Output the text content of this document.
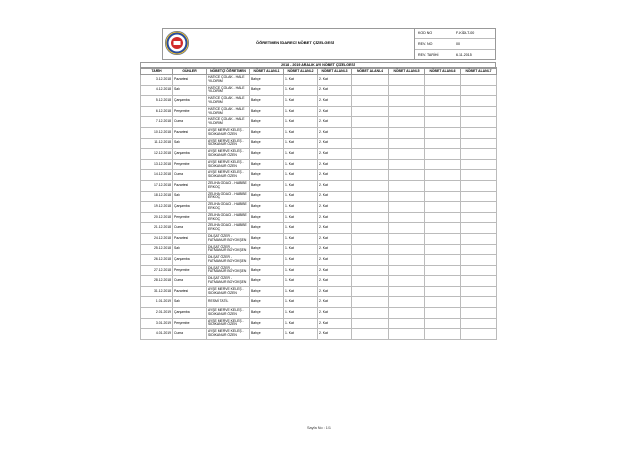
ÖĞRETMEN İDARECİ NÖBET ÇİZELGESİ
KOD NO	F-KİDLT-00
REV. NO	00
REV. TARİHİ	6.11.2015
2018 - 2019 ARALIK AYI NÖBET ÇİZELGESİ
TARİH	GÜNLER	NÖBETÇİ ÖĞRETMEN	NÖBET ALANI-1	NÖBET ALANI-2	NÖBET ALANI-3	NÖBET ALANI-4	NÖBET ALANI-5	NÖBET ALANI-6	NÖBET ALANI-7
3.12.2018	Pazartesi	HATİCE ÇOLAK - HALE YILDIRIM	Bahçe	1. Kat	2. Kat				
4.12.2018	Salı	HATİCE ÇOLAK - HALE YILDIRIM	Bahçe	1. Kat	2. Kat				
5.12.2018	Çarşamba	HATİCE ÇOLAK - HALE YILDIRIM	Bahçe	1. Kat	2. Kat				
6.12.2018	Perşembe	HATİCE ÇOLAK - HALE YILDIRIM	Bahçe	1. Kat	2. Kat				
7.12.2018	Cuma	HATİCE ÇOLAK - HALE YILDIRIM	Bahçe	1. Kat	2. Kat				
10.12.2018	Pazartesi	AYŞE MERVE KELEŞ - SIDIKANUR ÖZEN	Bahçe	1. Kat	2. Kat				
11.12.2018	Salı	AYŞE MERVE KELEŞ - SIDIKANUR ÖZEN	Bahçe	1. Kat	2. Kat				
12.12.2018	Çarşamba	AYŞE MERVE KELEŞ - SIDIKANUR ÖZEN	Bahçe	1. Kat	2. Kat				
13.12.2018	Perşembe	AYŞE MERVE KELEŞ - SIDIKANUR ÖZEN	Bahçe	1. Kat	2. Kat				
14.12.2018	Cuma	AYŞE MERVE KELEŞ - SIDIKANUR ÖZEN	Bahçe	1. Kat	2. Kat				
17.12.2018	Pazartesi	ZELİHA ODACI - HABİBE ERKOÇ	Bahçe	1. Kat	2. Kat				
18.12.2018	Salı	ZELİHA ODACI - HABİBE ERKOÇ	Bahçe	1. Kat	2. Kat				
19.12.2018	Çarşamba	ZELİHA ODACI - HABİBE ERKOÇ	Bahçe	1. Kat	2. Kat				
20.12.2018	Perşembe	ZELİHA ODACI - HABİBE ERKOÇ	Bahçe	1. Kat	2. Kat				
21.12.2018	Cuma	ZELİHA ODACI - HABİBE ERKOÇ	Bahçe	1. Kat	2. Kat				
24.12.2018	Pazartesi	DİLŞAT ÖZER - FATMANUR BOYOKŞEN	Bahçe	1. Kat	2. Kat				
25.12.2018	Salı	DİLŞAT ÖZER - FATMANUR BOYOKŞEN	Bahçe	1. Kat	2. Kat				
26.12.2018	Çarşamba	DİLŞAT ÖZER - FATMANUR BOYOKŞEN	Bahçe	1. Kat	2. Kat				
27.12.2018	Perşembe	DİLŞAT ÖZER - FATMANUR BOYOKŞEN	Bahçe	1. Kat	2. Kat				
28.12.2018	Cuma	DİLŞAT ÖZER - FATMANUR BOYOKŞEN	Bahçe	1. Kat	2. Kat				
31.12.2018	Pazartesi	AYŞE MERVE KELEŞ - SIDIKANUR ÖZEN	Bahçe	1. Kat	2. Kat				
1.01.2019	Salı	RESMİ TATİL	Bahçe	1. Kat	2. Kat				
2.01.2019	Çarşamba	AYŞE MERVE KELEŞ - SIDIKANUR ÖZEN	Bahçe	1. Kat	2. Kat				
3.01.2019	Perşembe	AYŞE MERVE KELEŞ - SIDIKANUR ÖZEN	Bahçe	1. Kat	2. Kat				
4.01.2019	Cuma	AYŞE MERVE KELEŞ - SIDIKANUR ÖZEN	Bahçe	1. Kat	2. Kat				
Sayfa No : 1/1
